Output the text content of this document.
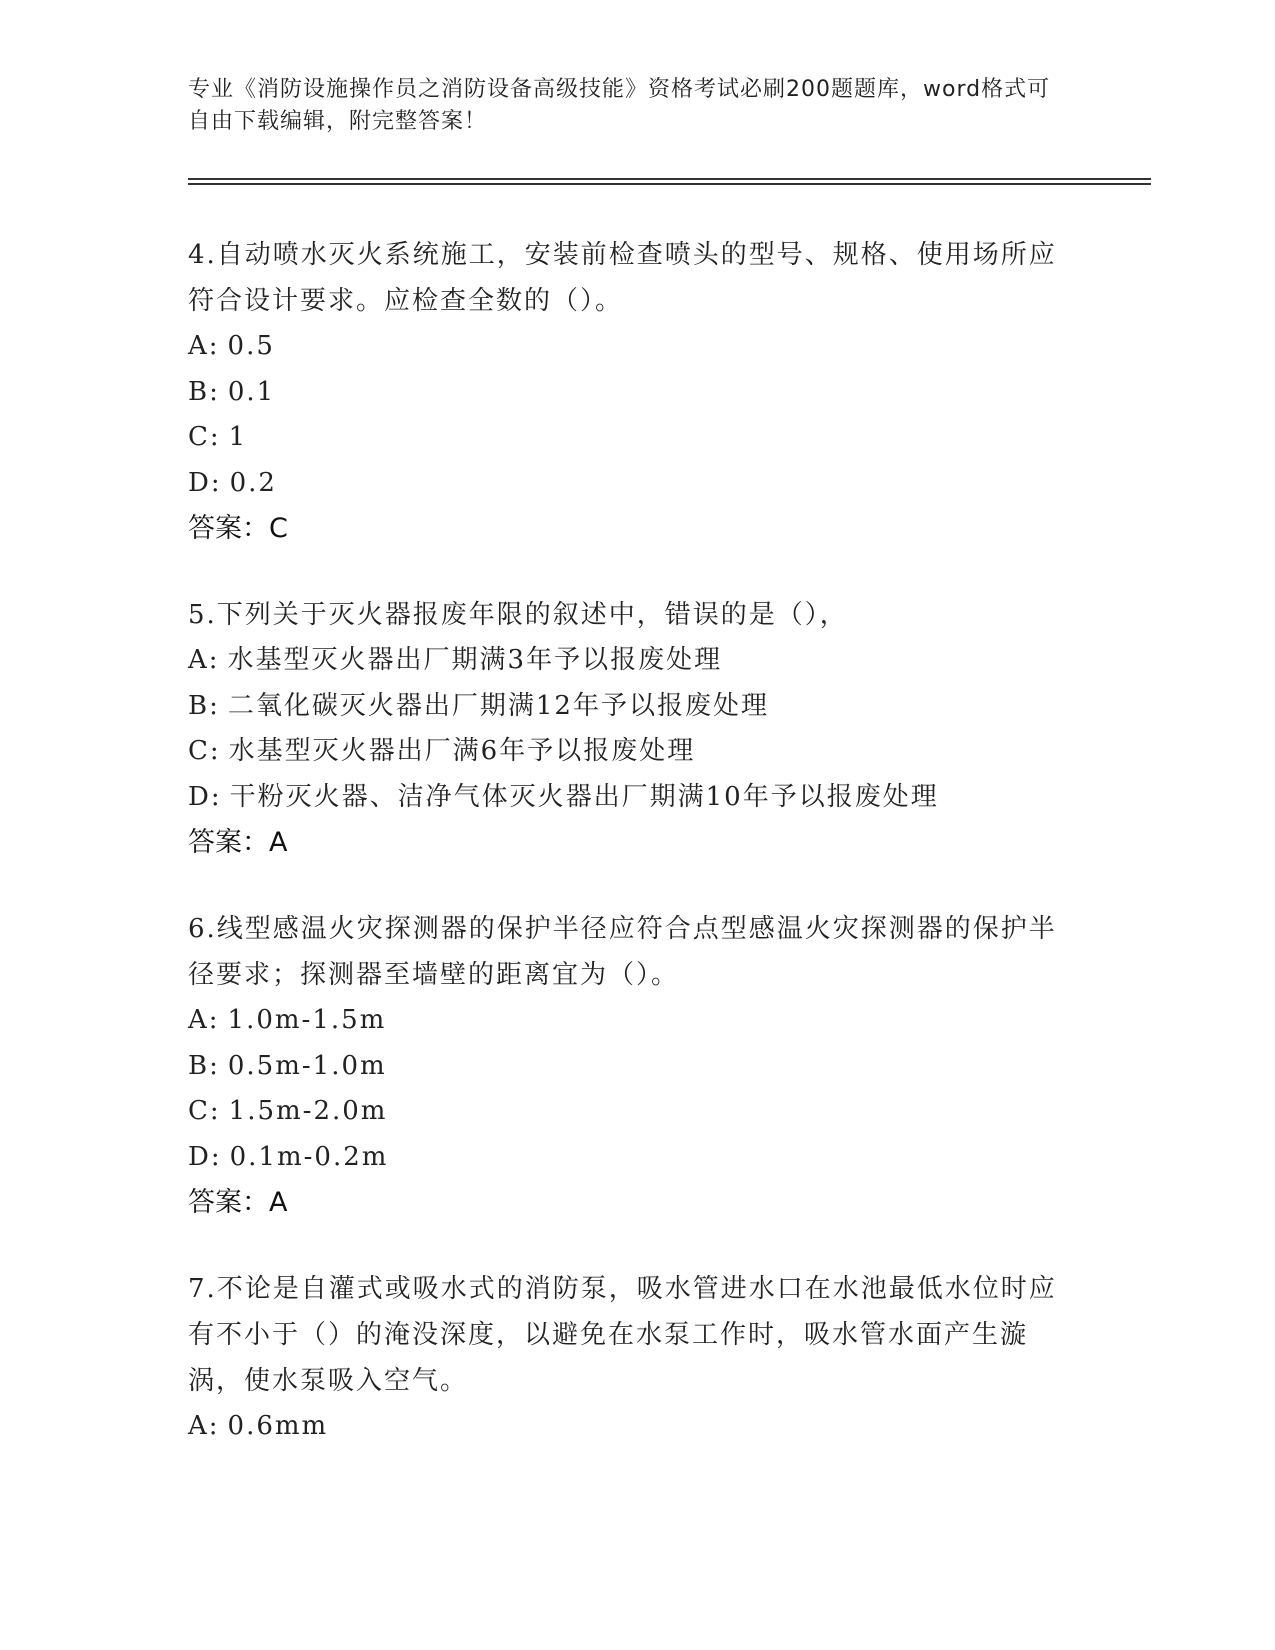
专业《消防设施操作员之消防设备高级技能》资格考试必刷200题题库，word格式可自由下载编辑，附完整答案！
4.自动喷水灭火系统施工，安装前检查喷头的型号、规格、使用场所应符合设计要求。应检查全数的（）。
A: 0.5
B: 0.1
C: 1
D: 0.2
答案：C
5.下列关于灭火器报废年限的叙述中，错误的是（），
A: 水基型灭火器出厂期满3年予以报废处理
B: 二氧化碳灭火器出厂期满12年予以报废处理
C: 水基型灭火器出厂满6年予以报废处理
D: 干粉灭火器、洁净气体灭火器出厂期满10年予以报废处理
答案：A
6.线型感温火灾探测器的保护半径应符合点型感温火灾探测器的保护半径要求；探测器至墙壁的距离宜为（）。
A: 1.0m-1.5m
B: 0.5m-1.0m
C: 1.5m-2.0m
D: 0.1m-0.2m
答案：A
7.不论是自灌式或吸水式的消防泵，吸水管进水口在水池最低水位时应有不小于（）的淹没深度，以避免在水泵工作时，吸水管水面产生漩涡，使水泵吸入空气。
A: 0.6mm
